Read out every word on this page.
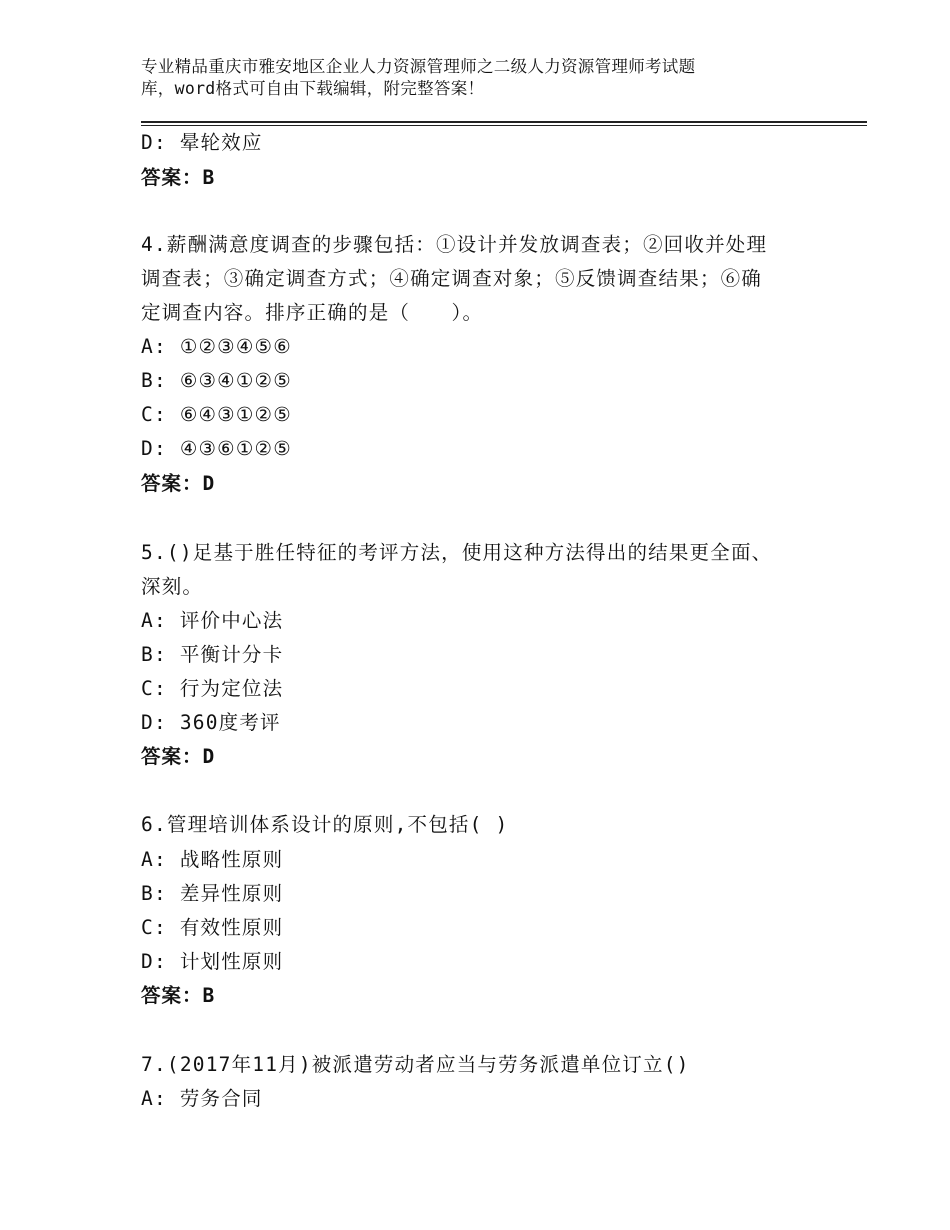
专业精品重庆市雅安地区企业人力资源管理师之二级人力资源管理师考试题
库，word格式可自由下载编辑，附完整答案！
D: 晕轮效应
答案：B
4.薪酬满意度调查的步骤包括：①设计并发放调查表；②回收并处理
调查表；③确定调查方式；④确定调查对象；⑤反馈调查结果；⑥确
定调查内容。排序正确的是（　　）。
A: ①②③④⑤⑥
B: ⑥③④①②⑤
C: ⑥④③①②⑤
D: ④③⑥①②⑤
答案：D
5.()足基于胜任特征的考评方法，使用这种方法得出的结果更全面、
深刻。
A: 评价中心法
B: 平衡计分卡
C: 行为定位法
D: 360度考评
答案：D
6.管理培训体系设计的原则,不包括( )
A: 战略性原则
B: 差异性原则
C: 有效性原则
D: 计划性原则
答案：B
7.(2017年11月)被派遣劳动者应当与劳务派遣单位订立()
A: 劳务合同
